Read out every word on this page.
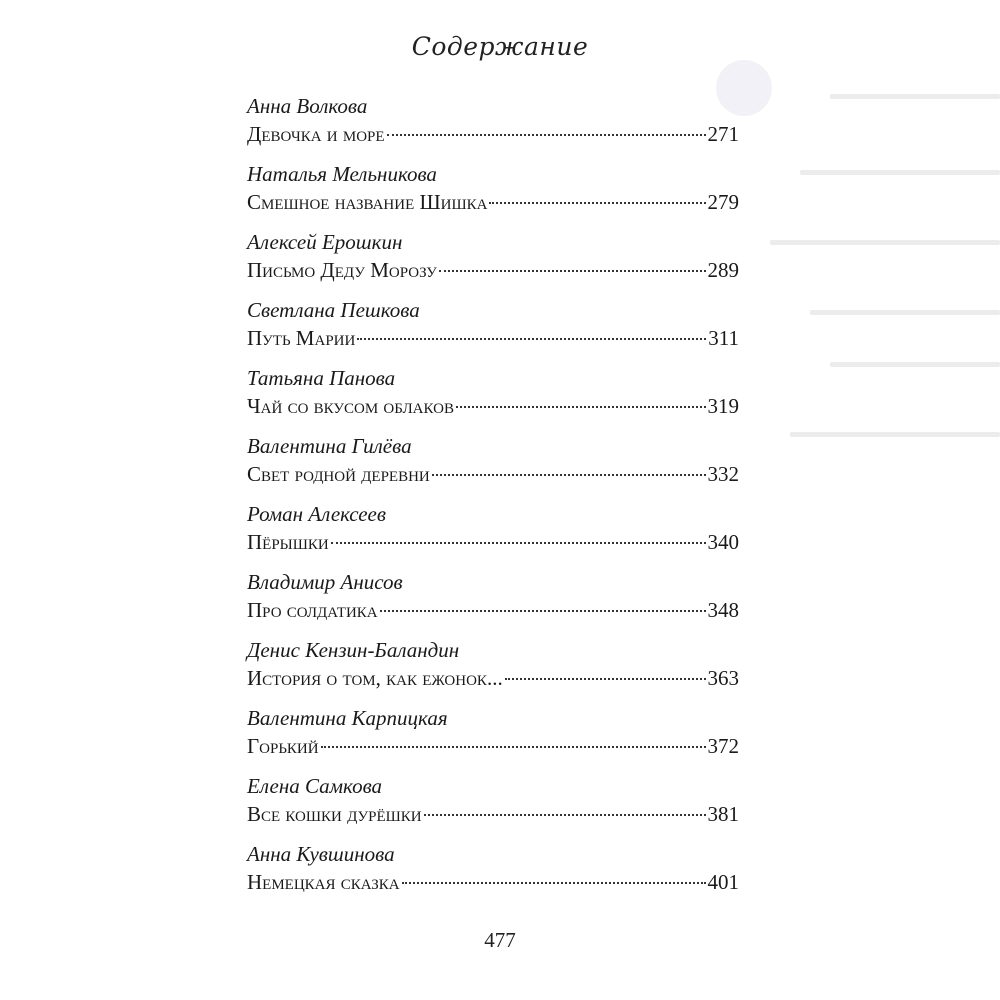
Содержание
Анна Волкова
Девочка и море	271
Наталья Мельникова
Смешное название Шишка	279
Алексей Ерошкин
Письмо Деду Морозу	289
Светлана Пешкова
Путь Марии	311
Татьяна Панова
Чай со вкусом облаков	319
Валентина Гилёва
Свет родной деревни	332
Роман Алексеев
Пёрышки	340
Владимир Анисов
Про солдатика	348
Денис Кензин-Баландин
История о том, как ежонок...	363
Валентина Карпицкая
Горький	372
Елена Самкова
Все кошки дурёшки	381
Анна Кувшинова
Немецкая сказка	401
477
